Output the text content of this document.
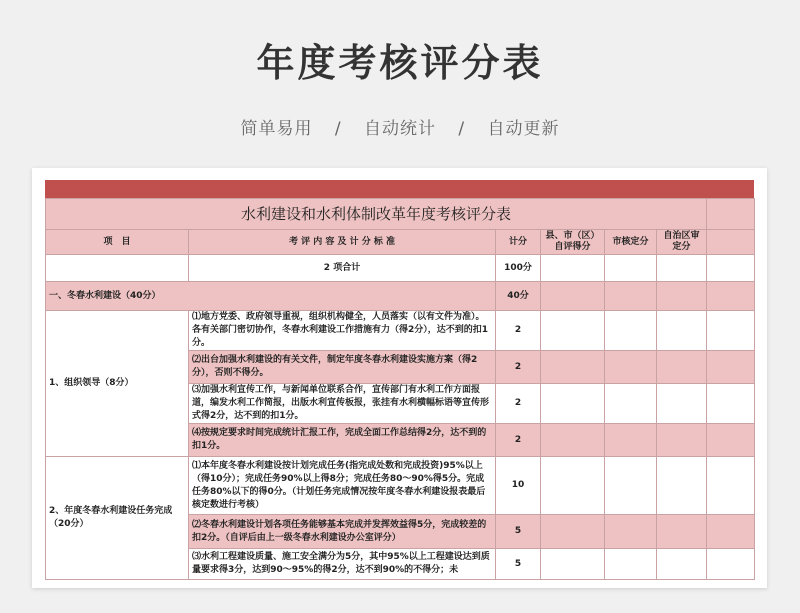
年度考核评分表
简单易用 / 自动统计 / 自动更新
水利建设和水利体制改革年度考核评分表						
项　目	考 评 内 容 及 计 分 标 准	计分	县、市（区）自评得分	市核定分	自治区审定分	
	2 项合计	100分				
一、冬春水利建设（40分）		40分				
1、组织领导（8分）	⑴地方党委、政府领导重视，组织机构健全，人员落实（以有文件为准）。各有关部门密切协作，冬春水利建设工作措施有力（得2分），达不到的扣1分。	2				
	⑵出台加强水利建设的有关文件，制定年度冬春水利建设实施方案（得2分），否则不得分。	2				
	⑶加强水利宣传工作，与新闻单位联系合作，宣传部门有水利工作方面报道，编发水利工作简报，出版水利宣传板报，张挂有水利横幅标语等宣传形式得2分，达不到的扣1分。	2				
	⑷按规定要求时间完成统计汇报工作，完成全面工作总结得2分，达不到的扣1分。	2				
2、年度冬春水利建设任务完成（20分）	⑴本年度冬春水利建设按计划完成任务(指完成处数和完成投资)95%以上（得10分）；完成任务90%以上得8分；完成任务80～90%得5分。完成任务80%以下的得0分。（计划任务完成情况按年度冬春水利建设报表最后核定数进行考核）	10				
	⑵冬春水利建设计划各项任务能够基本完成并发挥效益得5分，完成较差的扣2分。（自评后由上一级冬春水利建设办公室评分）	5				
	⑶水利工程建设质量、施工安全满分为5分，其中95%以上工程建设达到质量要求得3分，达到90～95%的得2分，达不到90%的不得分；未	5				
